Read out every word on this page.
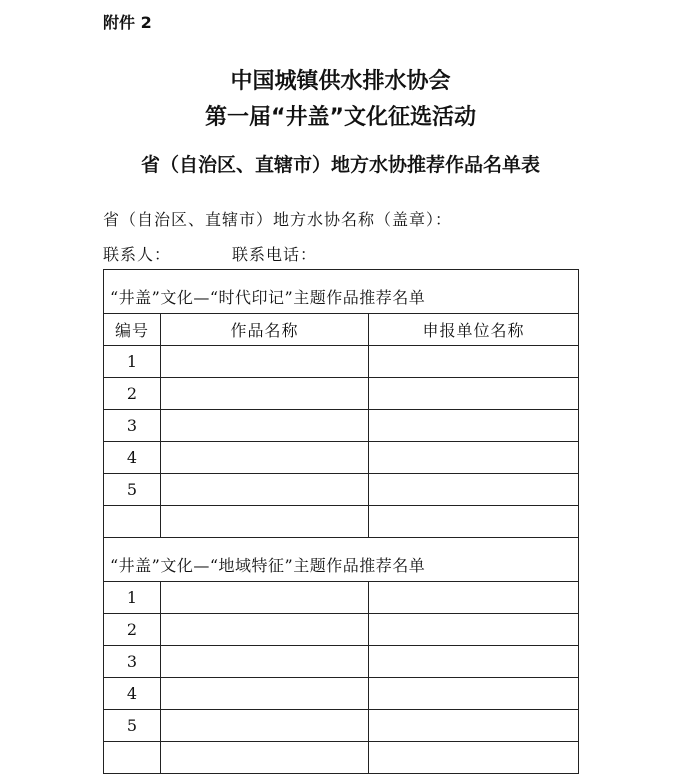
附件 2
中国城镇供水排水协会
第一届“井盖”文化征选活动
省（自治区、直辖市）地方水协推荐作品名单表
省（自治区、直辖市）地方水协名称（盖章）：
联系人：	联系电话：
“井盖”文化—“时代印记”主题作品推荐名单		
编号	作品名称	申报单位名称
1		
2		
3		
4		
5		

“井盖”文化—“地域特征”主题作品推荐名单		
1		
2		
3		
4		
5		
